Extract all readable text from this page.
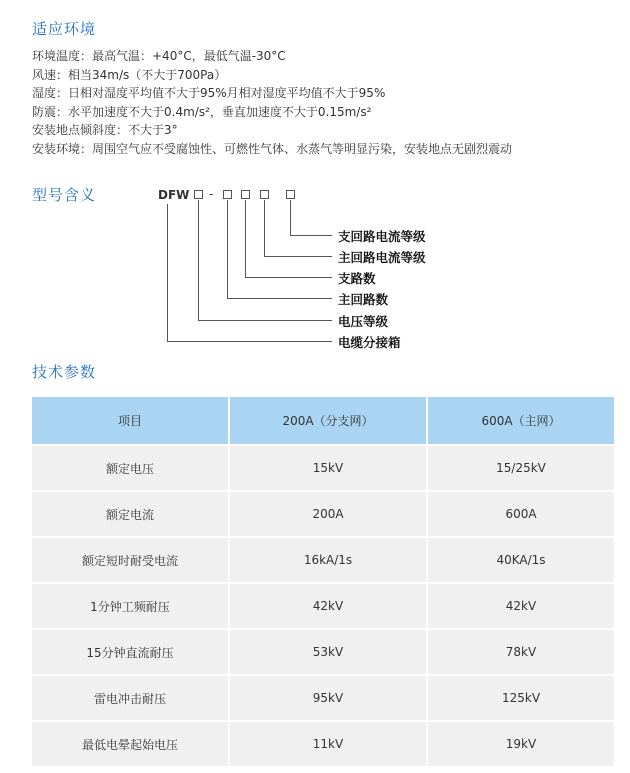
适应环境
环境温度：最高气温：+40°C，最低气温-30°C
风速：相当34m/s（不大于700Pa）
湿度：日相对湿度平均值不大于95%月相对湿度平均值不大于95%
防震：水平加速度不大于0.4m/s²，垂直加速度不大于0.15m/s²
安装地点倾斜度：不大于3°
安装环境：周围空气应不受腐蚀性、可燃性气体、水蒸气等明显污染，安装地点无剧烈震动
型号含义	DFW -
支回路电流等级
主回路电流等级
支路数
主回路数
电压等级
电缆分接箱
技术参数
项目	200A（分支网）	600A（主网）
额定电压	15kV	15/25kV
额定电流	200A	600A
额定短时耐受电流	16kA/1s	40KA/1s
1分钟工频耐压	42kV	42kV
15分钟直流耐压	53kV	78kV
雷电冲击耐压	95kV	125kV
最低电晕起始电压	11kV	19kV
